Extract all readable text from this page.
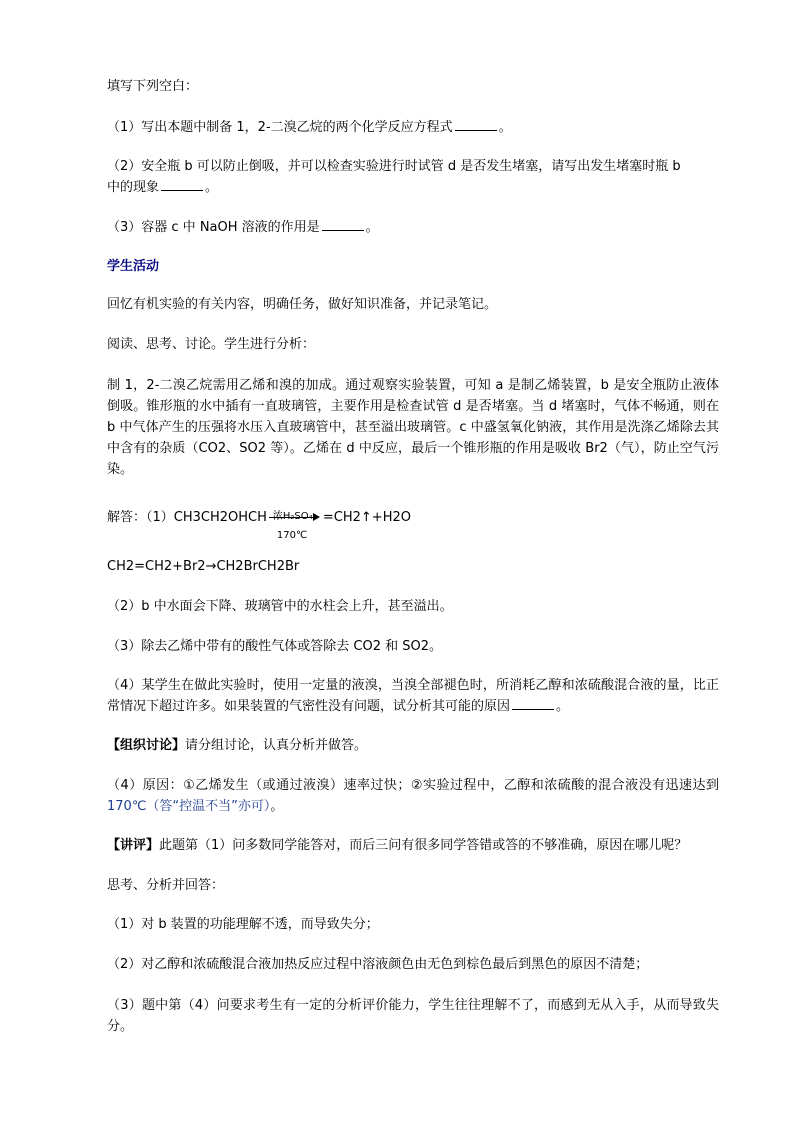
填写下列空白：
（1）写出本题中制备 1，2-二溴乙烷的两个化学反应方程式	。
（2）安全瓶 b 可以防止倒吸，并可以检查实验进行时试管 d 是否发生堵塞，请写出发生堵塞时瓶 b
中的现象	。
（3）容器 c 中 NaOH 溶液的作用是	。
学生活动
回忆有机实验的有关内容，明确任务，做好知识准备，并记录笔记。
阅读、思考、讨论。学生进行分析：
制 1，2-二溴乙烷需用乙烯和溴的加成。通过观察实验装置，可知 a 是制乙烯装置，b 是安全瓶防止液体倒吸。锥形瓶的水中插有一直玻璃管，主要作用是检查试管 d 是否堵塞。当 d 堵塞时，气体不畅通，则在 b 中气体产生的压强将水压入直玻璃管中，甚至溢出玻璃管。c 中盛氢氧化钠液，其作用是洗涤乙烯除去其中含有的杂质（CO2、SO2 等）。乙烯在 d 中反应，最后一个锥形瓶的作用是吸收 Br2（气），防止空气污染。
解答：（1）CH3CH2OHCH
170℃
=CH2↑+H2O
CH2=CH2+Br2→CH2BrCH2Br
（2）b 中水面会下降、玻璃管中的水柱会上升，甚至溢出。
（3）除去乙烯中带有的酸性气体或答除去 CO2 和 SO2。
（4）某学生在做此实验时，使用一定量的液溴，当溴全部褪色时，所消耗乙醇和浓硫酸混合液的量，比正常情况下超过许多。如果装置的气密性没有问题，试分析其可能的原因	。
【组织讨论】请分组讨论，认真分析并做答。
（4）原因：①乙烯发生（或通过液溴）速率过快；②实验过程中，乙醇和浓硫酸的混合液没有迅速达到170℃（答“控温不当”亦可）。
【讲评】此题第（1）问多数同学能答对，而后三问有很多同学答错或答的不够准确，原因在哪儿呢？
思考、分析并回答：
（1）对 b 装置的功能理解不透，而导致失分；
（2）对乙醇和浓硫酸混合液加热反应过程中溶液颜色由无色到棕色最后到黑色的原因不清楚；
（3）题中第（4）问要求考生有一定的分析评价能力，学生往往理解不了，而感到无从入手，从而导致失分。
